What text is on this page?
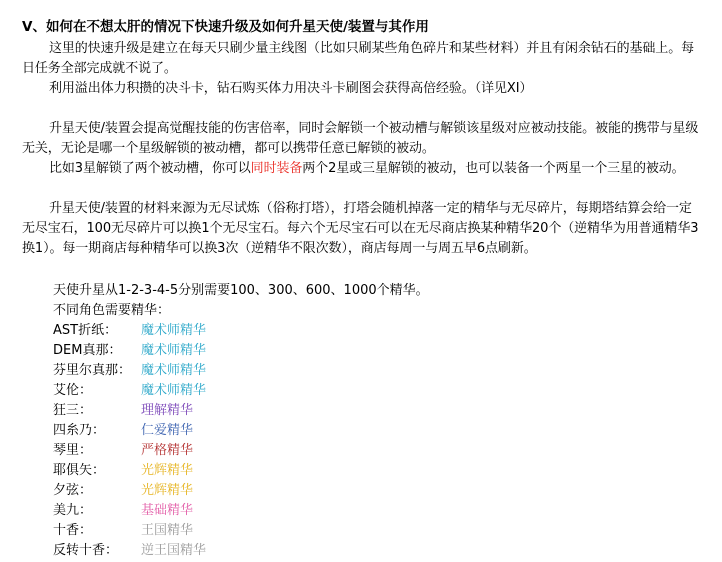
Ⅴ、如何在不想太肝的情况下快速升级及如何升星天使/装置与其作用
这里的快速升级是建立在每天只刷少量主线图（比如只刷某些角色碎片和某些材料）并且有闲余钻石的基础上。每日任务全部完成就不说了。
利用溢出体力积攒的决斗卡，钻石购买体力用决斗卡刷图会获得高倍经验。（详见XI）
升星天使/装置会提高觉醒技能的伤害倍率，同时会解锁一个被动槽与解锁该星级对应被动技能。被能的携带与星级无关，无论是哪一个星级解锁的被动槽，都可以携带任意已解锁的被动。
比如3星解锁了两个被动槽，你可以同时装备两个2星或三星解锁的被动，也可以装备一个两星一个三星的被动。
升星天使/装置的材料来源为无尽试炼（俗称打塔），打塔会随机掉落一定的精华与无尽碎片，每期塔结算会给一定无尽宝石，100无尽碎片可以换1个无尽宝石。每六个无尽宝石可以在无尽商店换某种精华20个（逆精华为用普通精华3换1）。每一期商店每种精华可以换3次（逆精华不限次数），商店每周一与周五早6点刷新。
天使升星从1-2-3-4-5分别需要100、300、600、1000个精华。
不同角色需要精华：
AST折纸： 魔术师精华
DEM真那： 魔术师精华
芬里尔真那： 魔术师精华
艾伦：	魔术师精华
狂三：	理解精华
四糸乃：	仁爱精华
琴里：	严格精华
耶俱矢：	光辉精华
夕弦：	光辉精华
美九：	基础精华
十香：	王国精华
反转十香： 逆王国精华
